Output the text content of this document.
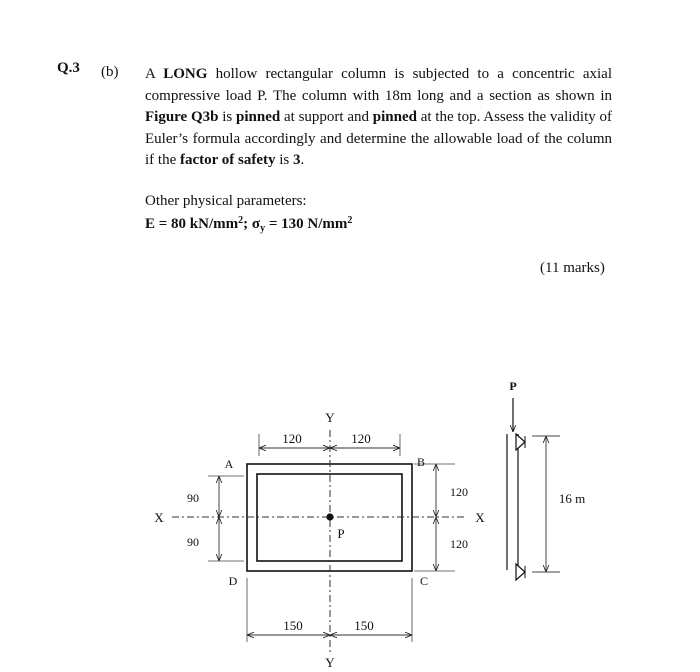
Q.3 (b) A LONG hollow rectangular column is subjected to a concentric axial compressive load P. The column with 18m long and a section as shown in Figure Q3b is pinned at support and pinned at the top. Assess the validity of Euler’s formula accordingly and determine the allowable load of the column if the factor of safety is 3.
Other physical parameters:
E = 80 $kN/mm^2$; $\sigma_y = 130$ $N/mm^2$
(11 marks)
120	120
150	150
90
90
120
120
Y
Y
X	X
A	B
C
D
P
P
16 m
